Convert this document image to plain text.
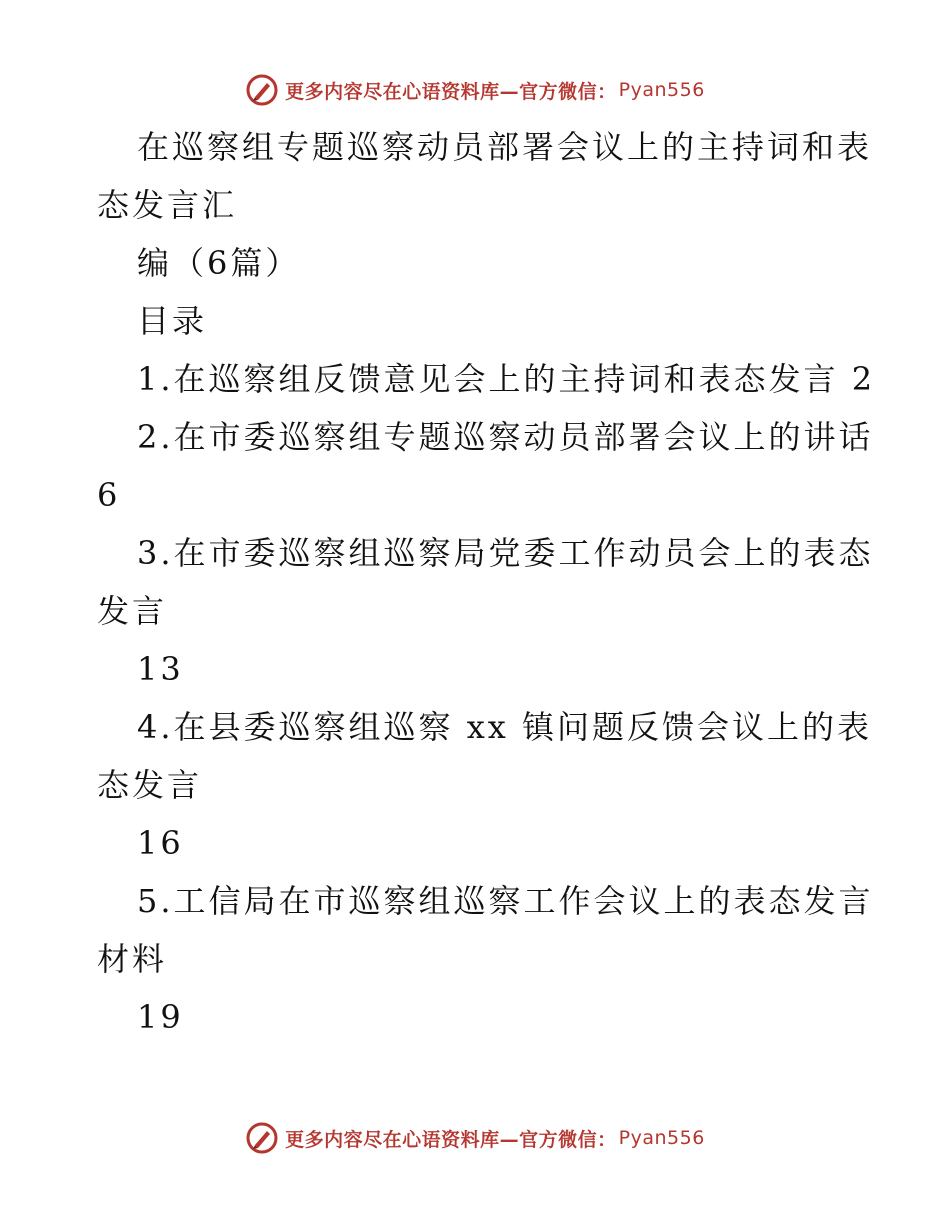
更多内容尽在心语资料库—官方微信： Pyan556
在巡察组专题巡察动员部署会议上的主持词和表
态发言汇
编（6篇）
目录
1.在巡察组反馈意见会上的主持词和表态发言 2
2.在市委巡察组专题巡察动员部署会议上的讲话
6
3.在市委巡察组巡察局党委工作动员会上的表态
发言
13
4.在县委巡察组巡察 xx 镇问题反馈会议上的表
态发言
16
5.工信局在市巡察组巡察工作会议上的表态发言
材料
19
更多内容尽在心语资料库—官方微信： Pyan556
